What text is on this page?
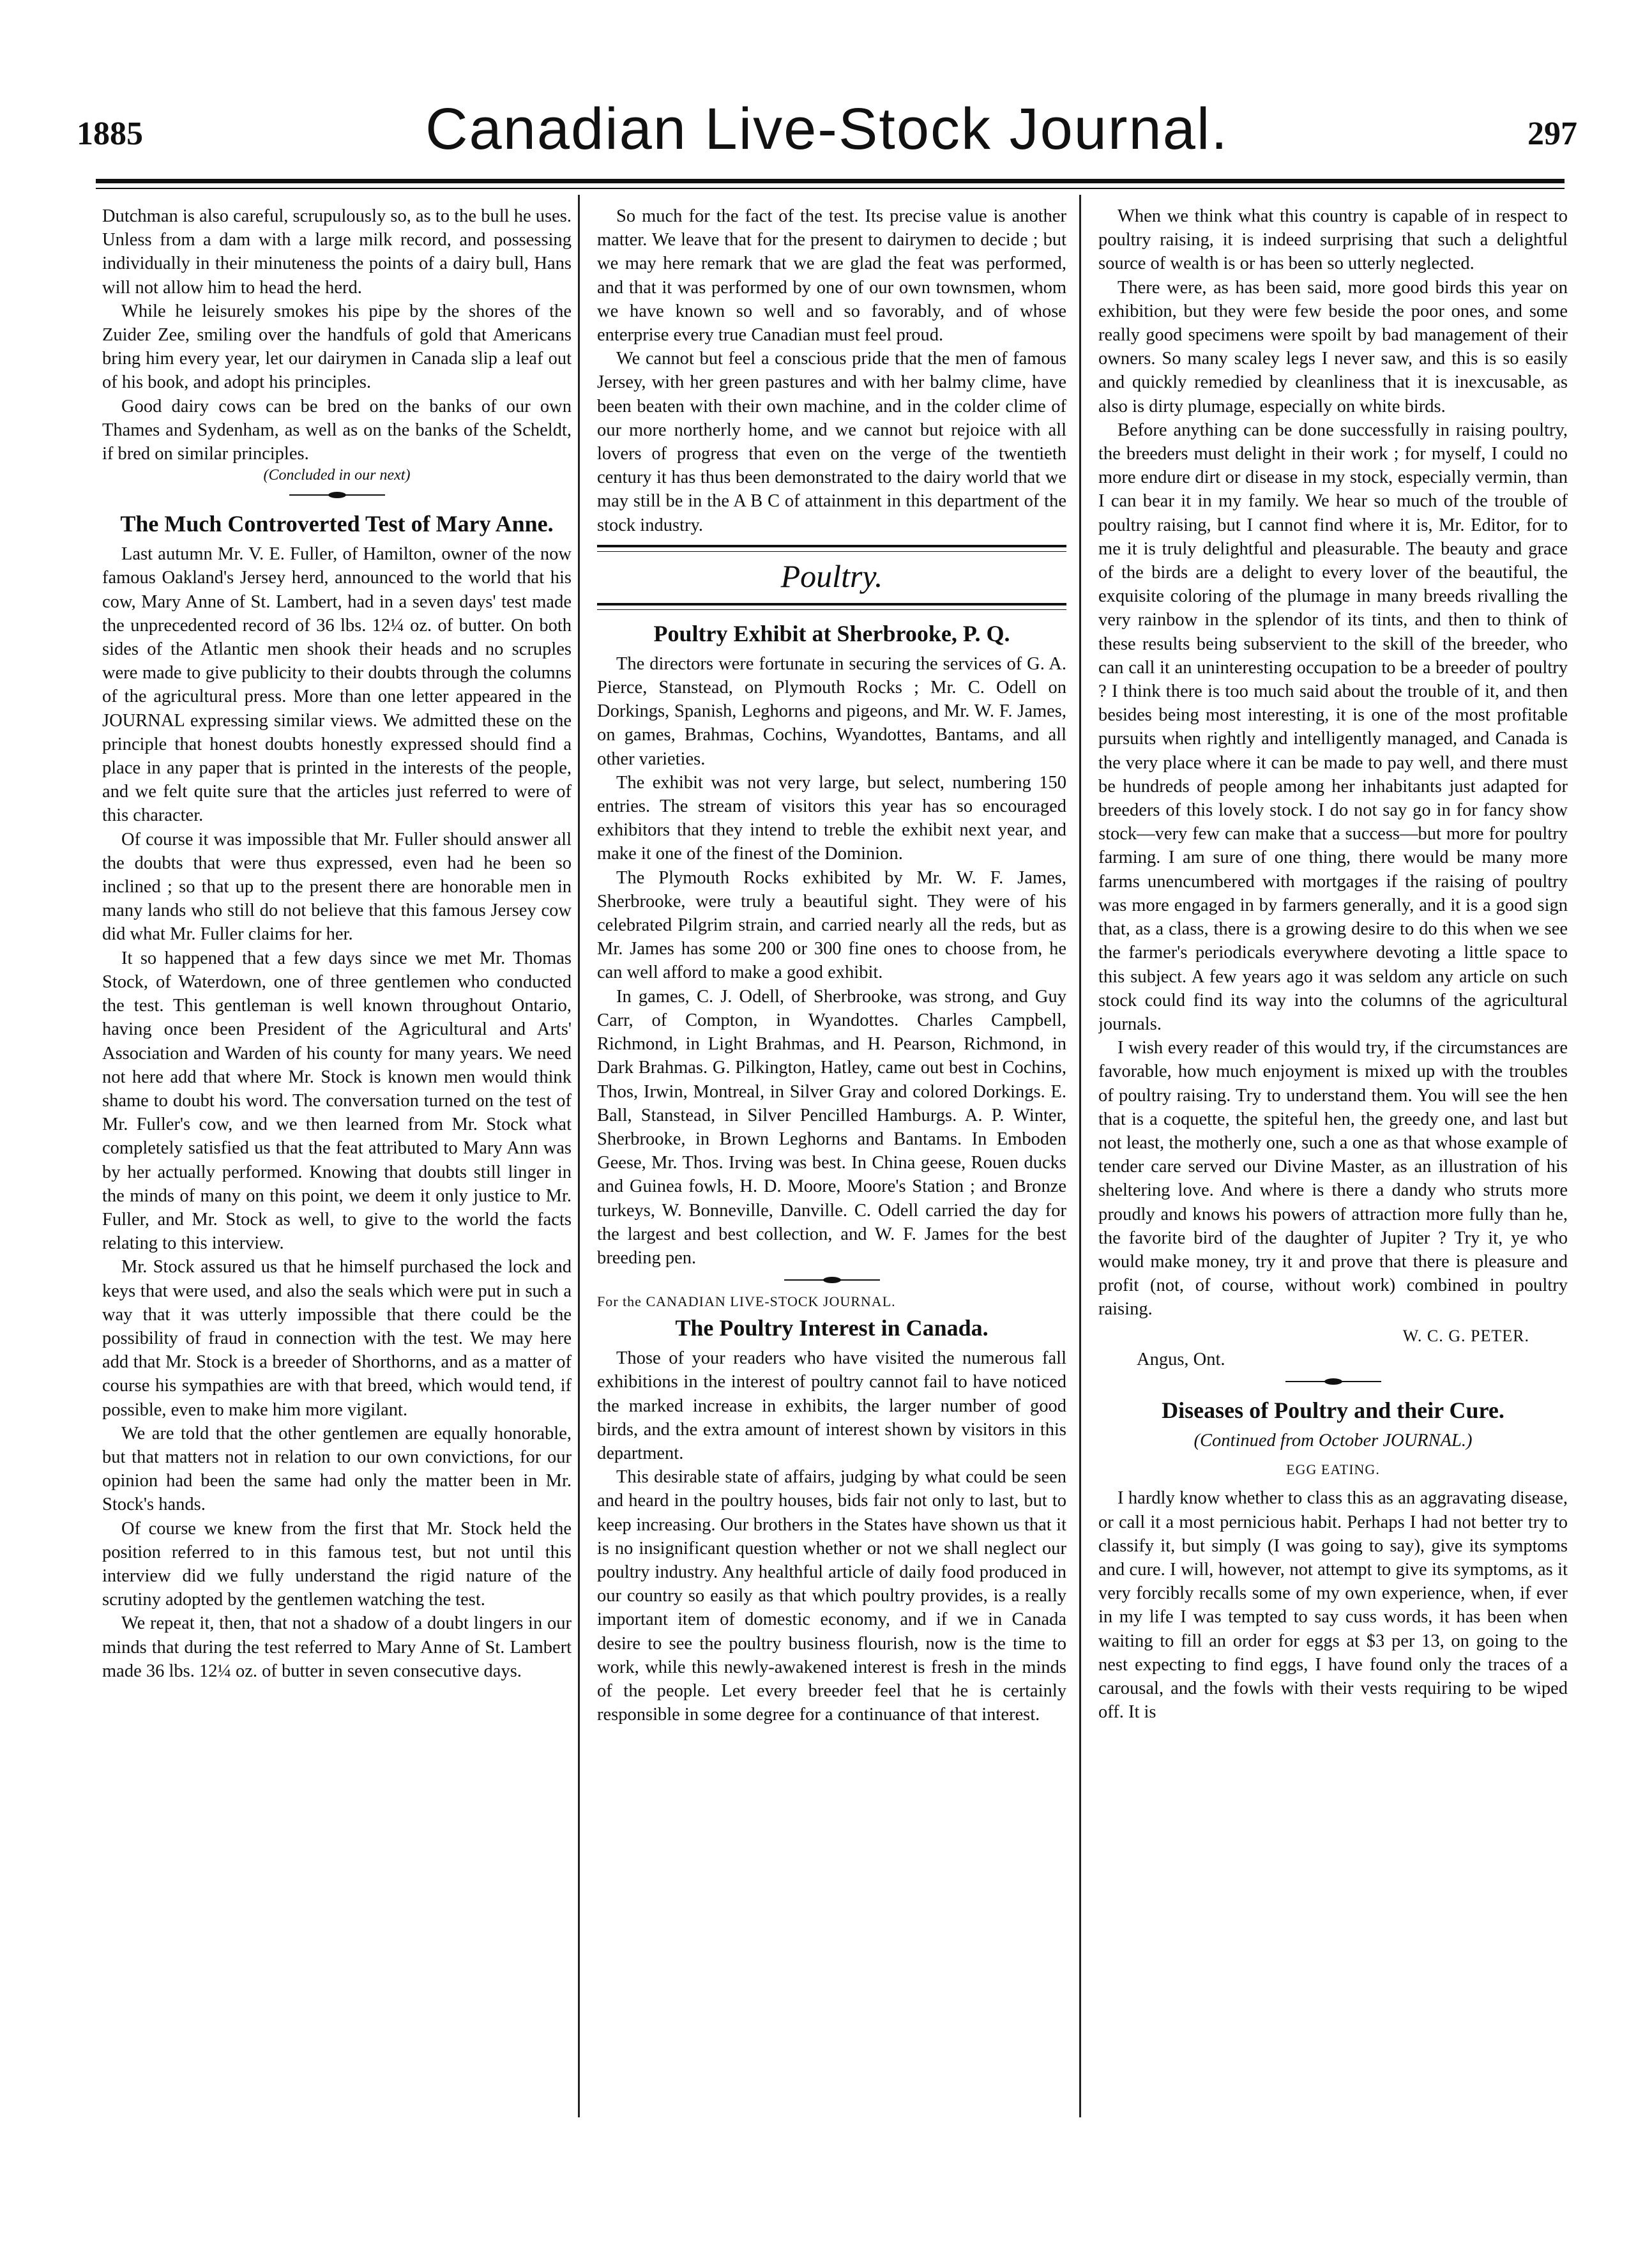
1885	Canadian Live-Stock Journal.	297

Dutchman is also careful, scrupulously so, as to the bull he uses. Unless from a dam with a large milk record, and possessing individually in their minuteness the points of a dairy bull, Hans will not allow him to head the herd.

While he leisurely smokes his pipe by the shores of the Zuider Zee, smiling over the handfuls of gold that Americans bring him every year, let our dairymen in Canada slip a leaf out of his book, and adopt his principles.

Good dairy cows can be bred on the banks of our own Thames and Sydenham, as well as on the banks of the Scheldt, if bred on similar principles.

(Concluded in our next)
The Much Controverted Test of Mary Anne.

Last autumn Mr. V. E. Fuller, of Hamilton, owner of the now famous Oakland's Jersey herd, announced to the world that his cow, Mary Anne of St. Lambert, had in a seven days' test made the unprecedented record of 36 lbs. 12¼ oz. of butter. On both sides of the Atlantic men shook their heads and no scruples were made to give publicity to their doubts through the columns of the agricultural press. More than one letter appeared in the JOURNAL expressing similar views. We admitted these on the principle that honest doubts honestly expressed should find a place in any paper that is printed in the interests of the people, and we felt quite sure that the articles just referred to were of this character.

Of course it was impossible that Mr. Fuller should answer all the doubts that were thus expressed, even had he been so inclined ; so that up to the present there are honorable men in many lands who still do not believe that this famous Jersey cow did what Mr. Fuller claims for her.

It so happened that a few days since we met Mr. Thomas Stock, of Waterdown, one of three gentlemen who conducted the test. This gentleman is well known throughout Ontario, having once been President of the Agricultural and Arts' Association and Warden of his county for many years. We need not here add that where Mr. Stock is known men would think shame to doubt his word. The conversation turned on the test of Mr. Fuller's cow, and we then learned from Mr. Stock what completely satisfied us that the feat attributed to Mary Ann was by her actually performed. Knowing that doubts still linger in the minds of many on this point, we deem it only justice to Mr. Fuller, and Mr. Stock as well, to give to the world the facts relating to this interview.

Mr. Stock assured us that he himself purchased the lock and keys that were used, and also the seals which were put in such a way that it was utterly impossible that there could be the possibility of fraud in connection with the test. We may here add that Mr. Stock is a breeder of Shorthorns, and as a matter of course his sympathies are with that breed, which would tend, if possible, even to make him more vigilant.

We are told that the other gentlemen are equally honorable, but that matters not in relation to our own convictions, for our opinion had been the same had only the matter been in Mr. Stock's hands.

Of course we knew from the first that Mr. Stock held the position referred to in this famous test, but not until this interview did we fully understand the rigid nature of the scrutiny adopted by the gentlemen watching the test.

We repeat it, then, that not a shadow of a doubt lingers in our minds that during the test referred to Mary Anne of St. Lambert made 36 lbs. 12¼ oz. of butter in seven consecutive days.

So much for the fact of the test. Its precise value is another matter. We leave that for the present to dairymen to decide ; but we may here remark that we are glad the feat was performed, and that it was performed by one of our own townsmen, whom we have known so well and so favorably, and of whose enterprise every true Canadian must feel proud.

We cannot but feel a conscious pride that the men of famous Jersey, with her green pastures and with her balmy clime, have been beaten with their own machine, and in the colder clime of our more northerly home, and we cannot but rejoice with all lovers of progress that even on the verge of the twentieth century it has thus been demonstrated to the dairy world that we may still be in the A B C of attainment in this department of the stock industry.

Poultry.
Poultry Exhibit at Sherbrooke, P. Q.

The directors were fortunate in securing the services of G. A. Pierce, Stanstead, on Plymouth Rocks ; Mr. C. Odell on Dorkings, Spanish, Leghorns and pigeons, and Mr. W. F. James, on games, Brahmas, Cochins, Wyandottes, Bantams, and all other varieties.

The exhibit was not very large, but select, numbering 150 entries. The stream of visitors this year has so encouraged exhibitors that they intend to treble the exhibit next year, and make it one of the finest of the Dominion.

The Plymouth Rocks exhibited by Mr. W. F. James, Sherbrooke, were truly a beautiful sight. They were of his celebrated Pilgrim strain, and carried nearly all the reds, but as Mr. James has some 200 or 300 fine ones to choose from, he can well afford to make a good exhibit.

In games, C. J. Odell, of Sherbrooke, was strong, and Guy Carr, of Compton, in Wyandottes. Charles Campbell, Richmond, in Light Brahmas, and H. Pearson, Richmond, in Dark Brahmas. G. Pilkington, Hatley, came out best in Cochins, Thos, Irwin, Montreal, in Silver Gray and colored Dorkings. E. Ball, Stanstead, in Silver Pencilled Hamburgs. A. P. Winter, Sherbrooke, in Brown Leghorns and Bantams. In Emboden Geese, Mr. Thos. Irving was best. In China geese, Rouen ducks and Guinea fowls, H. D. Moore, Moore's Station ; and Bronze turkeys, W. Bonneville, Danville. C. Odell carried the day for the largest and best collection, and W. F. James for the best breeding pen.

For the CANADIAN LIVE-STOCK JOURNAL.
The Poultry Interest in Canada.

Those of your readers who have visited the numerous fall exhibitions in the interest of poultry cannot fail to have noticed the marked increase in exhibits, the larger number of good birds, and the extra amount of interest shown by visitors in this department.

This desirable state of affairs, judging by what could be seen and heard in the poultry houses, bids fair not only to last, but to keep increasing. Our brothers in the States have shown us that it is no insignificant question whether or not we shall neglect our poultry industry. Any healthful article of daily food produced in our country so easily as that which poultry provides, is a really important item of domestic economy, and if we in Canada desire to see the poultry business flourish, now is the time to work, while this newly-awakened interest is fresh in the minds of the people. Let every breeder feel that he is certainly responsible in some degree for a continuance of that interest.

When we think what this country is capable of in respect to poultry raising, it is indeed surprising that such a delightful source of wealth is or has been so utterly neglected.

There were, as has been said, more good birds this year on exhibition, but they were few beside the poor ones, and some really good specimens were spoilt by bad management of their owners. So many scaley legs I never saw, and this is so easily and quickly remedied by cleanliness that it is inexcusable, as also is dirty plumage, especially on white birds.

Before anything can be done successfully in raising poultry, the breeders must delight in their work ; for myself, I could no more endure dirt or disease in my stock, especially vermin, than I can bear it in my family. We hear so much of the trouble of poultry raising, but I cannot find where it is, Mr. Editor, for to me it is truly delightful and pleasurable. The beauty and grace of the birds are a delight to every lover of the beautiful, the exquisite coloring of the plumage in many breeds rivalling the very rainbow in the splendor of its tints, and then to think of these results being subservient to the skill of the breeder, who can call it an uninteresting occupation to be a breeder of poultry ? I think there is too much said about the trouble of it, and then besides being most interesting, it is one of the most profitable pursuits when rightly and intelligently managed, and Canada is the very place where it can be made to pay well, and there must be hundreds of people among her inhabitants just adapted for breeders of this lovely stock. I do not say go in for fancy show stock—very few can make that a success—but more for poultry farming. I am sure of one thing, there would be many more farms unencumbered with mortgages if the raising of poultry was more engaged in by farmers generally, and it is a good sign that, as a class, there is a growing desire to do this when we see the farmer's periodicals everywhere devoting a little space to this subject. A few years ago it was seldom any article on such stock could find its way into the columns of the agricultural journals.

I wish every reader of this would try, if the circumstances are favorable, how much enjoyment is mixed up with the troubles of poultry raising. Try to understand them. You will see the hen that is a coquette, the spiteful hen, the greedy one, and last but not least, the motherly one, such a one as that whose example of tender care served our Divine Master, as an illustration of his sheltering love. And where is there a dandy who struts more proudly and knows his powers of attraction more fully than he, the favorite bird of the daughter of Jupiter ? Try it, ye who would make money, try it and prove that there is pleasure and profit (not, of course, without work) combined in poultry raising.

W. C. G. PETER.

Angus, Ont.

Diseases of Poultry and their Cure.
(Continued from October JOURNAL.)
EGG EATING.

I hardly know whether to class this as an aggravating disease, or call it a most pernicious habit. Perhaps I had not better try to classify it, but simply (I was going to say), give its symptoms and cure. I will, however, not attempt to give its symptoms, as it very forcibly recalls some of my own experience, when, if ever in my life I was tempted to say cuss words, it has been when waiting to fill an order for eggs at $3 per 13, on going to the nest expecting to find eggs, I have found only the traces of a carousal, and the fowls with their vests requiring to be wiped off. It is
